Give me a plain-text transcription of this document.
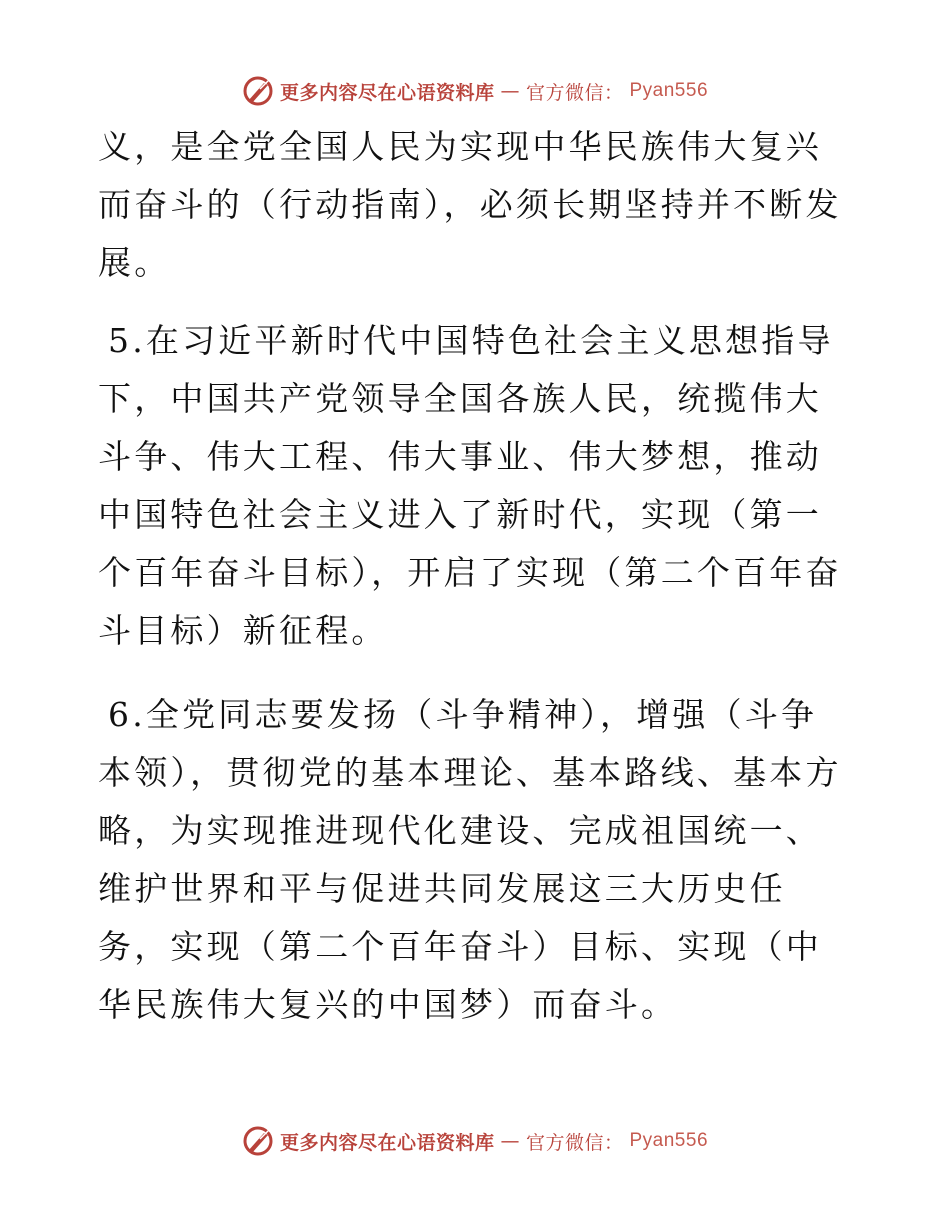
更多内容尽在心语资料库 — 官方微信： Pyan556

义，是全党全国人民为实现中华民族伟大复兴而奋斗的（行动指南），必须长期坚持并不断发展。

5.在习近平新时代中国特色社会主义思想指导下，中国共产党领导全国各族人民，统揽伟大斗争、伟大工程、伟大事业、伟大梦想，推动中国特色社会主义进入了新时代，实现（第一个百年奋斗目标），开启了实现（第二个百年奋斗目标）新征程。

6.全党同志要发扬（斗争精神），增强（斗争本领），贯彻党的基本理论、基本路线、基本方略，为实现推进现代化建设、完成祖国统一、维护世界和平与促进共同发展这三大历史任务，实现（第二个百年奋斗）目标、实现（中华民族伟大复兴的中国梦）而奋斗。

更多内容尽在心语资料库 — 官方微信： Pyan556
